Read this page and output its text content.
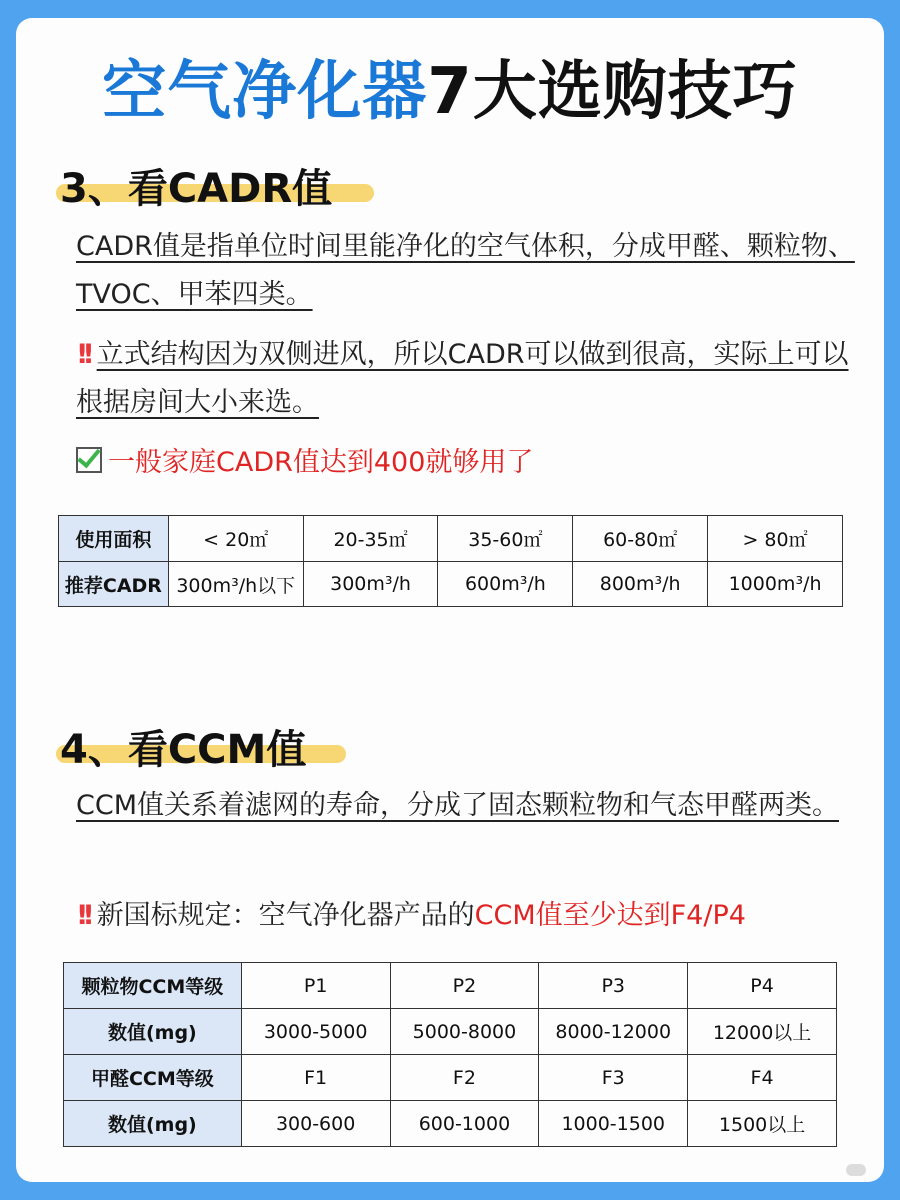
空气净化器7大选购技巧
3、看CADR值
CADR值是指单位时间里能净化的空气体积，分成甲醛、颗粒物、TVOC、甲苯四类。
!! 立式结构因为双侧进风，所以CADR可以做到很高，实际上可以根据房间大小来选。
一般家庭CADR值达到400就够用了
使用面积	< 20㎡	20-35㎡	35-60㎡	60-80㎡	> 80㎡
推荐CADR	300m³/h以下	300m³/h	600m³/h	800m³/h	1000m³/h
4、看CCM值
CCM值关系着滤网的寿命，分成了固态颗粒物和气态甲醛两类。
!! 新国标规定：空气净化器产品的CCM值至少达到F4/P4
颗粒物CCM等级	P1	P2	P3	P4
数值(mg)	3000-5000	5000-8000	8000-12000	12000以上
甲醛CCM等级	F1	F2	F3	F4
数值(mg)	300-600	600-1000	1000-1500	1500以上
